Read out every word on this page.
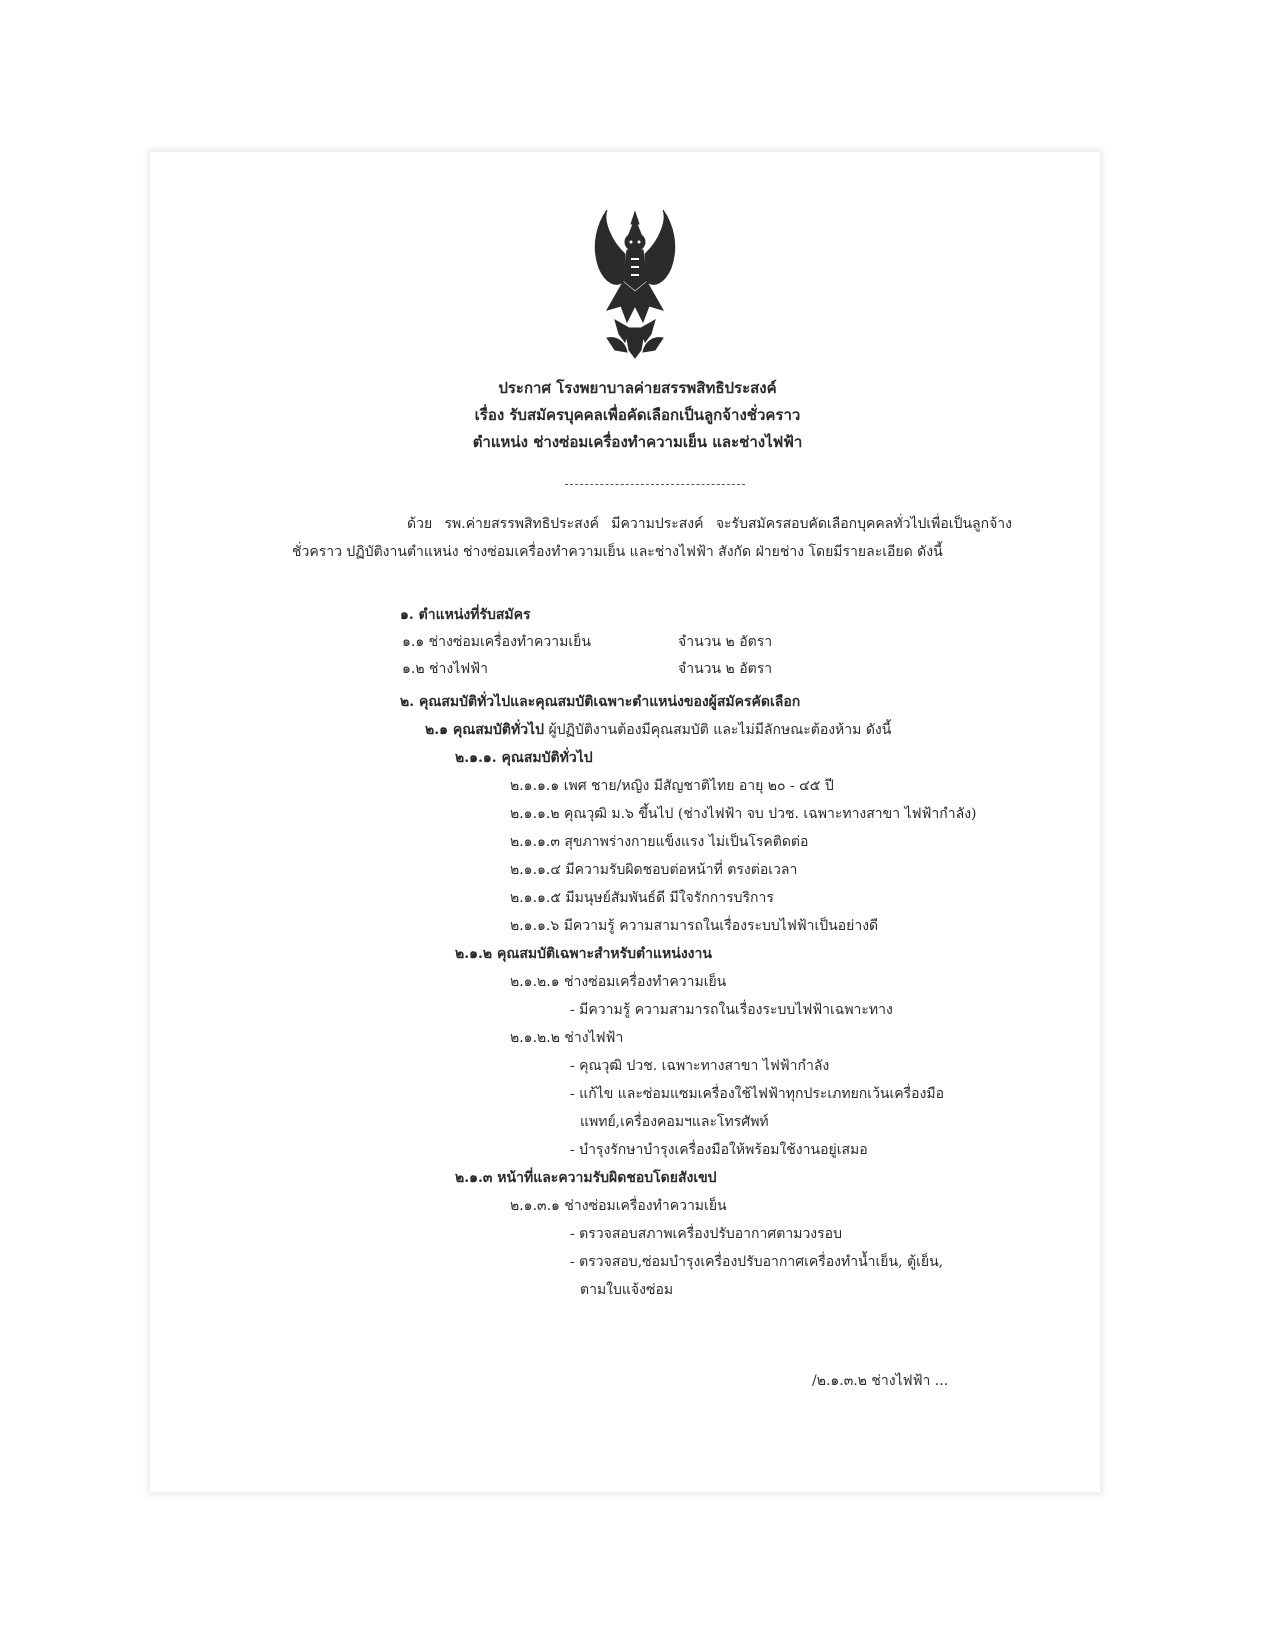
ประกาศ โรงพยาบาลค่ายสรรพสิทธิประสงค์
เรื่อง รับสมัครบุคคลเพื่อคัดเลือกเป็นลูกจ้างชั่วคราว
ตำแหน่ง ช่างซ่อมเครื่องทำความเย็น และช่างไฟฟ้า
ด้วย รพ.ค่ายสรรพสิทธิประสงค์ มีความประสงค์ จะรับสมัครสอบคัดเลือกบุคคลทั่วไปเพื่อเป็นลูกจ้างชั่วคราว ปฏิบัติงานตำแหน่ง ช่างซ่อมเครื่องทำความเย็น และช่างไฟฟ้า สังกัด ฝ่ายช่าง โดยมีรายละเอียด ดังนี้
๑. ตำแหน่งที่รับสมัคร
๑.๑ ช่างซ่อมเครื่องทำความเย็น	จำนวน ๒ อัตรา
๑.๒ ช่างไฟฟ้า	จำนวน ๒ อัตรา
๒. คุณสมบัติทั่วไปและคุณสมบัติเฉพาะตำแหน่งของผู้สมัครคัดเลือก
๒.๑ คุณสมบัติทั่วไป ผู้ปฏิบัติงานต้องมีคุณสมบัติ และไม่มีลักษณะต้องห้าม ดังนี้
๒.๑.๑. คุณสมบัติทั่วไป
๒.๑.๑.๑ เพศ ชาย/หญิง มีสัญชาติไทย อายุ ๒๐ - ๔๕ ปี
๒.๑.๑.๒ คุณวุฒิ ม.๖ ขึ้นไป (ช่างไฟฟ้า จบ ปวช. เฉพาะทางสาขา ไฟฟ้ากำลัง)
๒.๑.๑.๓ สุขภาพร่างกายแข็งแรง ไม่เป็นโรคติดต่อ
๒.๑.๑.๔ มีความรับผิดชอบต่อหน้าที่ ตรงต่อเวลา
๒.๑.๑.๕ มีมนุษย์สัมพันธ์ดี มีใจรักการบริการ
๒.๑.๑.๖ มีความรู้ ความสามารถในเรื่องระบบไฟฟ้าเป็นอย่างดี
๒.๑.๒ คุณสมบัติเฉพาะสำหรับตำแหน่งงาน
๒.๑.๒.๑ ช่างซ่อมเครื่องทำความเย็น
- มีความรู้ ความสามารถในเรื่องระบบไฟฟ้าเฉพาะทาง
๒.๑.๒.๒ ช่างไฟฟ้า
- คุณวุฒิ ปวช. เฉพาะทางสาขา ไฟฟ้ากำลัง
- แก้ไข และซ่อมแซมเครื่องใช้ไฟฟ้าทุกประเภทยกเว้นเครื่องมือ
แพทย์,เครื่องคอมฯและโทรศัพท์
- บำรุงรักษาบำรุงเครื่องมือให้พร้อมใช้งานอยู่เสมอ
๒.๑.๓ หน้าที่และความรับผิดชอบโดยสังเขป
๒.๑.๓.๑ ช่างซ่อมเครื่องทำความเย็น
- ตรวจสอบสภาพเครื่องปรับอากาศตามวงรอบ
- ตรวจสอบ,ซ่อมบำรุงเครื่องปรับอากาศเครื่องทำน้ำเย็น, ตู้เย็น,
ตามใบแจ้งซ่อม
/๒.๑.๓.๒ ช่างไฟฟ้า ...
